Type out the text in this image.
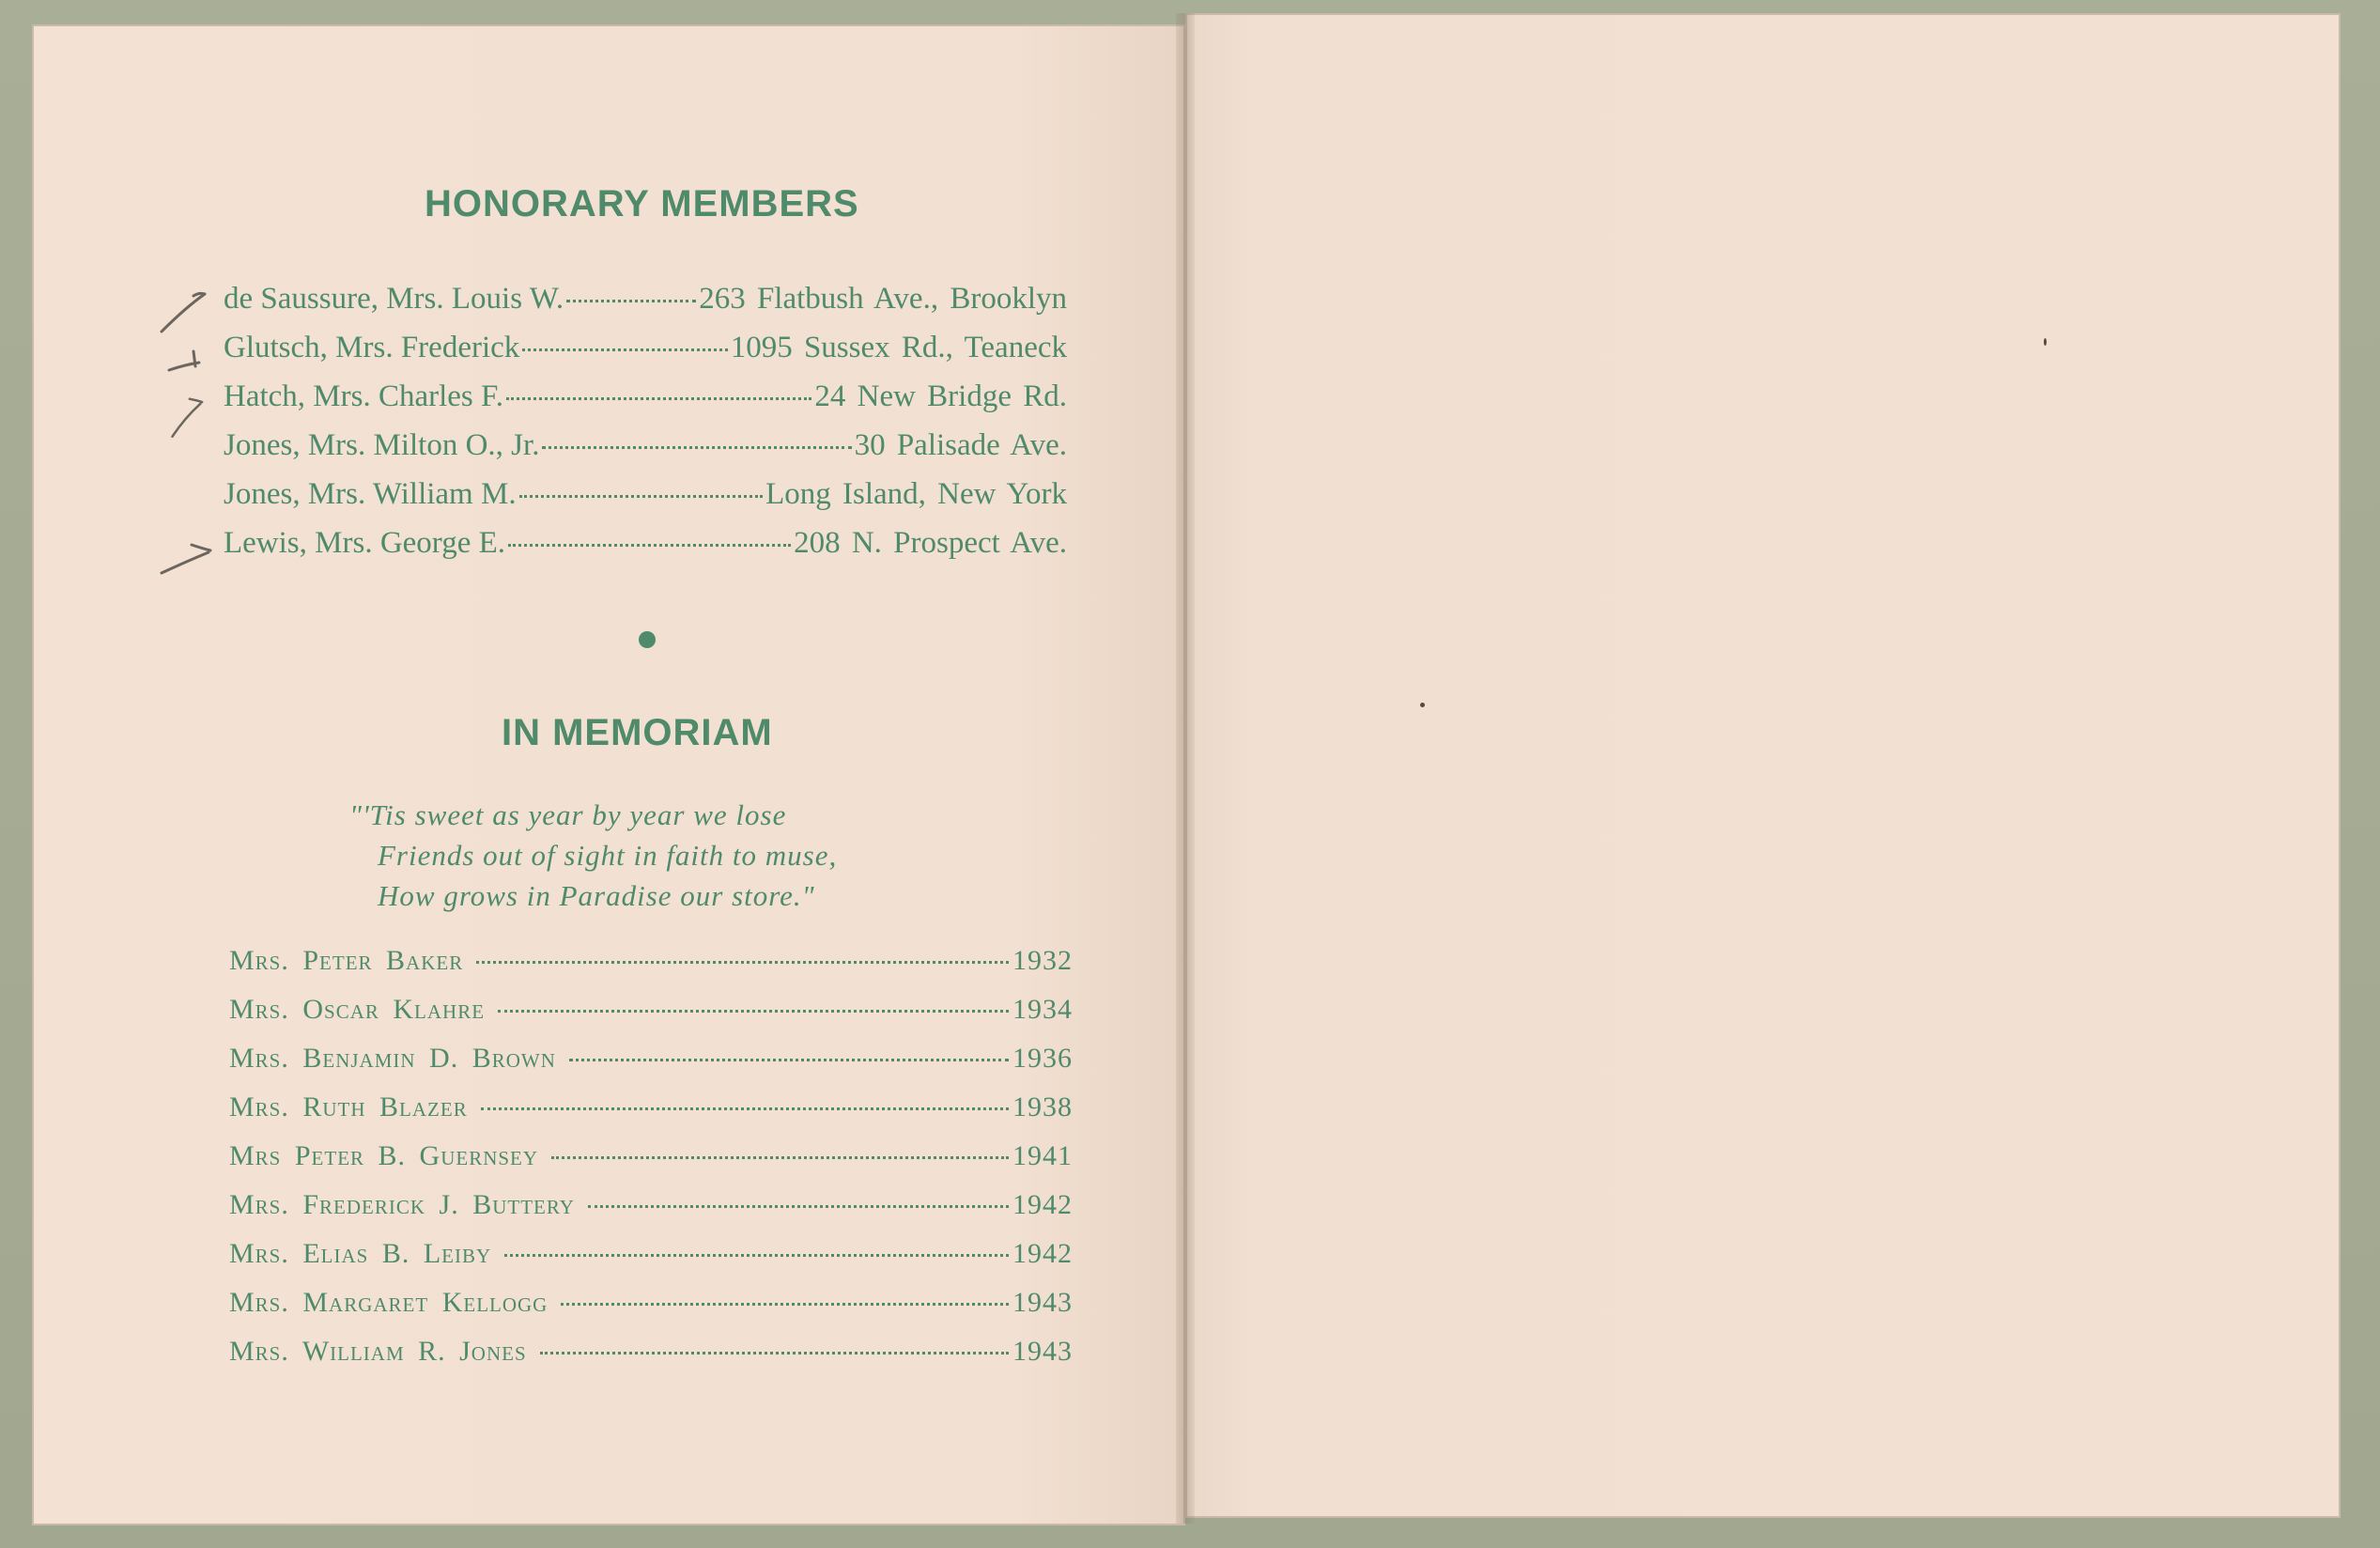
HONORARY MEMBERS
de Saussure, Mrs. Louis W.	263 Flatbush Ave., Brooklyn
Glutsch, Mrs. Frederick	1095 Sussex Rd., Teaneck
Hatch, Mrs. Charles F.	24 New Bridge Rd.
Jones, Mrs. Milton O., Jr.	30 Palisade Ave.
Jones, Mrs. William M.	Long Island, New York
Lewis, Mrs. George E.	208 N. Prospect Ave.
IN MEMORIAM
"'Tis sweet as year by year we lose
Friends out of sight in faith to muse,
How grows in Paradise our store."
Mrs. Peter Baker	1932
Mrs. Oscar Klahre	1934
Mrs. Benjamin D. Brown	1936
Mrs. Ruth Blazer	1938
Mrs Peter B. Guernsey	1941
Mrs. Frederick J. Buttery	1942
Mrs. Elias B. Leiby	1942
Mrs. Margaret Kellogg	1943
Mrs. William R. Jones	1943
